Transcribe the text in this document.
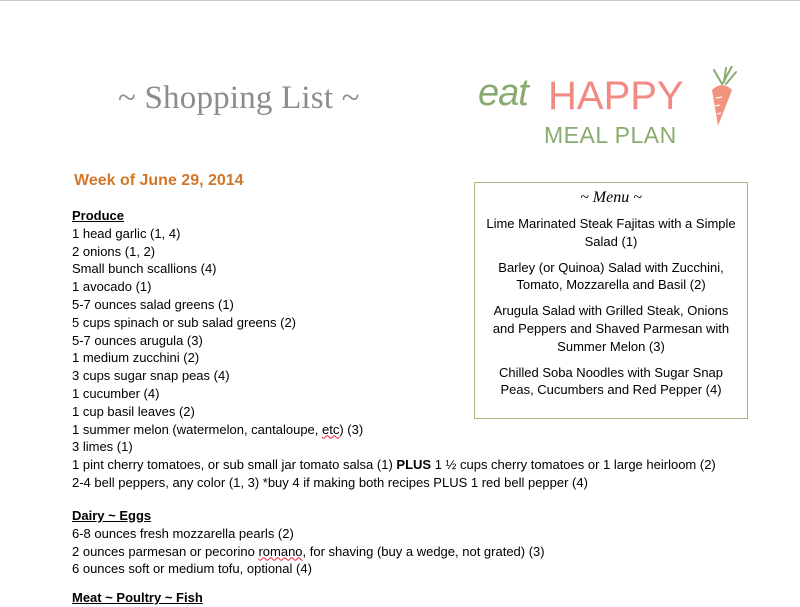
~ Shopping List ~	eat HAPPY
MEAL PLAN
Week of June 29, 2014
Produce
1 head garlic (1, 4)
2 onions (1, 2)
Small bunch scallions (4)
1 avocado (1)
5-7 ounces salad greens (1)
5 cups spinach or sub salad greens (2)
5-7 ounces arugula (3)
1 medium zucchini (2)
3 cups sugar snap peas (4)
1 cucumber (4)
1 cup basil leaves (2)
1 summer melon (watermelon, cantaloupe, etc) (3)
3 limes (1)
1 pint cherry tomatoes, or sub small jar tomato salsa (1) PLUS 1 ½ cups cherry tomatoes or 1 large heirloom (2)
2-4 bell peppers, any color (1, 3) *buy 4 if making both recipes PLUS 1 red bell pepper (4)
Dairy ~ Eggs
6-8 ounces fresh mozzarella pearls (2)
2 ounces parmesan or pecorino romano, for shaving (buy a wedge, not grated) (3)
6 ounces soft or medium tofu, optional (4)
Meat ~ Poultry ~ Fish
~ Menu ~
Lime Marinated Steak Fajitas with a Simple Salad (1)
Barley (or Quinoa) Salad with Zucchini, Tomato, Mozzarella and Basil (2)
Arugula Salad with Grilled Steak, Onions and Peppers and Shaved Parmesan with Summer Melon (3)
Chilled Soba Noodles with Sugar Snap Peas, Cucumbers and Red Pepper (4)
